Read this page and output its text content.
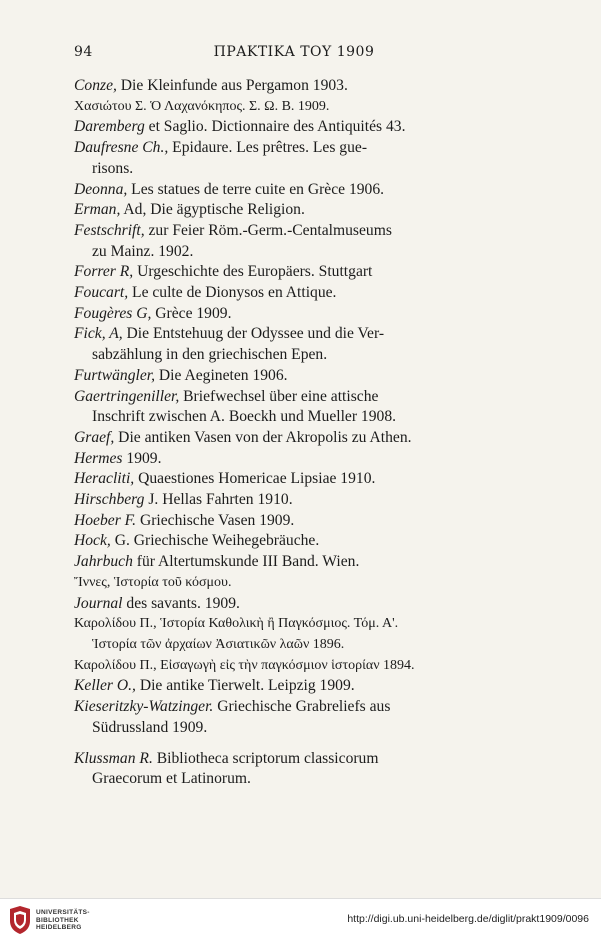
94	ΠΡΑΚΤΙΚΑ ΤΟΥ 1909
Conze, Die Kleinfunde aus Pergamon 1903.
Χασιώτου Σ. Ὁ Λαχανόκηπος. Σ. Ω. Β. 1909.
Daremberg et Saglio. Dictionnaire des Antiquités 43.
Daufresne Ch., Epidaure. Les prêtres. Les gue-
risons.
Deonna, Les statues de terre cuite en Grèce 1906.
Erman, Ad, Die ägyptische Religion.
Festschrift, zur Feier Röm.-Germ.-Centalmuseums
zu Mainz. 1902.
Forrer R, Urgeschichte des Europäers. Stuttgart
Foucart, Le culte de Dionysos en Attique.
Fougères G, Grèce 1909.
Fick, A, Die Entstehuug der Odyssee und die Ver-
sabzählung in den griechischen Epen.
Furtwängler, Die Aegineten 1906.
Gaertringeniller, Briefwechsel über eine attische
Inschrift zwischen A. Boeckh und Mueller 1908.
Graef, Die antiken Vasen von der Akropolis zu Athen.
Hermes 1909.
Heracliti, Quaestiones Homericae Lipsiae 1910.
Hirschberg J. Hellas Fahrten 1910.
Hoeber F. Griechische Vasen 1909.
Hock, G. Griechische Weihegebräuche.
Jahrbuch für Altertumskunde III Band. Wien.
Ἴννες, Ἱστορία τοῦ κόσμου.
Journal des savants. 1909.
Καρολίδου Π., Ἱστορία Καθολικὴ ἢ Παγκόσμιος. Τόμ. Α'.
Ἱστορία τῶν ἀρχαίων Ἀσιατικῶν λαῶν 1896.
Καρολίδου Π., Εἰσαγωγὴ εἰς τὴν παγκόσμιον ἱστορίαν 1894.
Keller O., Die antike Tierwelt. Leipzig 1909.
Kieseritzky-Watzinger. Griechische Grabreliefs aus
Südrussland 1909.
Klussman R. Bibliotheca scriptorum classicorum
Graecorum et Latinorum.
UNIVERSITÄTS-
BIBLIOTHEK
HEIDELBERG
http://digi.ub.uni-heidelberg.de/diglit/prakt1909/0096
